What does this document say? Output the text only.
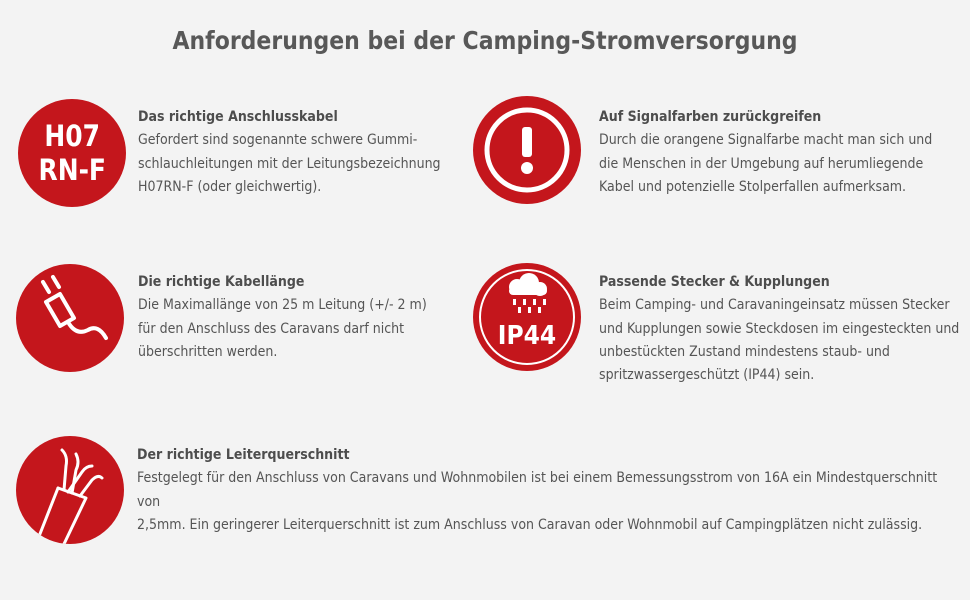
Anforderungen bei der Camping-Stromversorgung
H07
RN-F
Das richtige Anschlusskabel
Gefordert sind sogenannte schwere Gummi-
schlauchleitungen mit der Leitungsbezeichnung
H07RN-F (oder gleichwertig).
Auf Signalfarben zurückgreifen
Durch die orangene Signalfarbe macht man sich und
die Menschen in der Umgebung auf herumliegende
Kabel und potenzielle Stolperfallen aufmerksam.
Die richtige Kabellänge
Die Maximallänge von 25 m Leitung (+/- 2 m)
für den Anschluss des Caravans darf nicht
überschritten werden.
IP44
Passende Stecker & Kupplungen
Beim Camping- und Caravaningeinsatz müssen Stecker
und Kupplungen sowie Steckdosen im eingesteckten und
unbestückten Zustand mindestens staub- und
spritzwassergeschützt (IP44) sein.
Der richtige Leiterquerschnitt
Festgelegt für den Anschluss von Caravans und Wohnmobilen ist bei einem Bemessungsstrom von 16A ein Mindestquerschnitt von
2,5mm. Ein geringerer Leiterquerschnitt ist zum Anschluss von Caravan oder Wohnmobil auf Campingplätzen nicht zulässig.
